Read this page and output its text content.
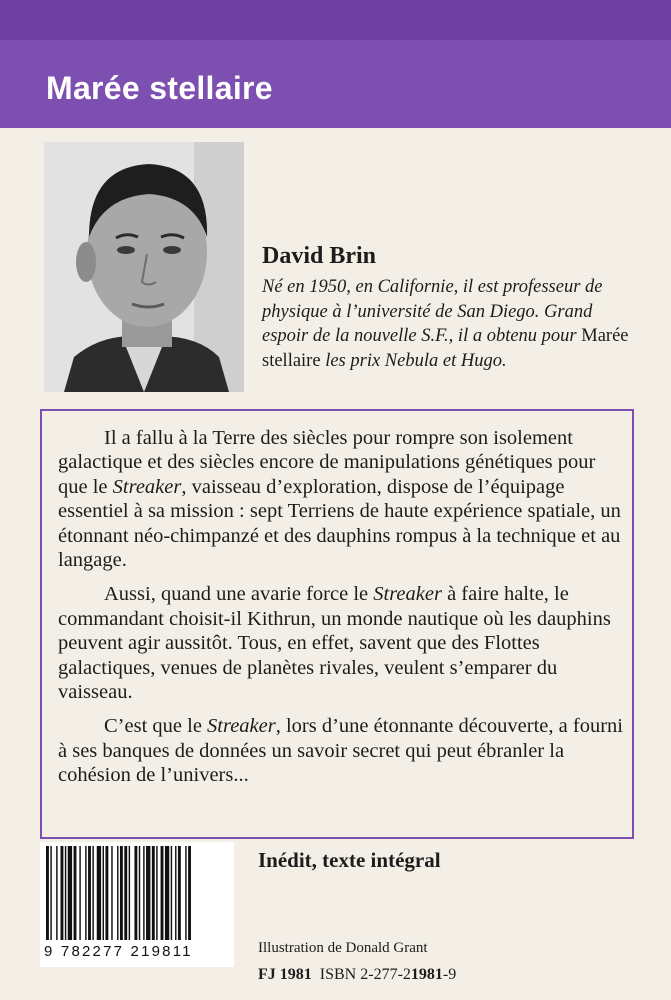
Marée stellaire
David Brin
Né en 1950, en Californie, il est professeur de physique à l’université de San Diego. Grand espoir de la nouvelle S.F., il a obtenu pour Marée stellaire les prix Nebula et Hugo.

Il a fallu à la Terre des siècles pour rompre son isolement galactique et des siècles encore de manipulations génétiques pour que le Streaker, vaisseau d’exploration, dispose de l’équipage essentiel à sa mission : sept Terriens de haute expérience spatiale, un étonnant néo-chimpanzé et des dauphins rompus à la technique et au langage.

Aussi, quand une avarie force le Streaker à faire halte, le commandant choisit-il Kithrun, un monde nautique où les dauphins peuvent agir aussitôt. Tous, en effet, savent que des Flottes galactiques, venues de planètes rivales, veulent s’emparer du vaisseau.

C’est que le Streaker, lors d’une étonnante découverte, a fourni à ses banques de données un savoir secret qui peut ébranler la cohésion de l’univers...

9 782277 219811
Inédit, texte intégral
Illustration de Donald Grant
FJ 1981 ISBN 2-277-21981-9
